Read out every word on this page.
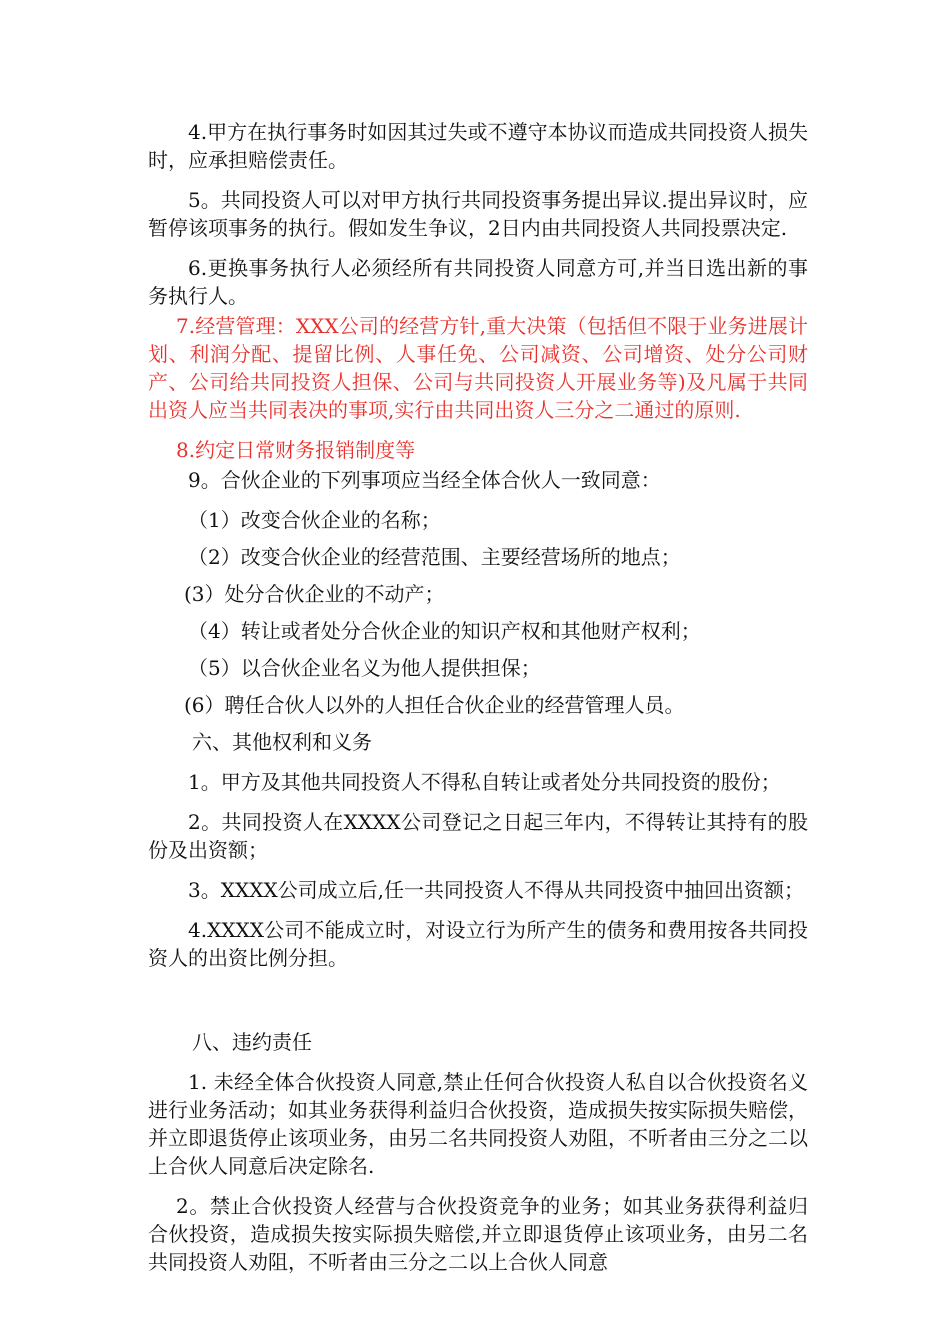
4.甲方在执行事务时如因其过失或不遵守本协议而造成共同投资人损失时，应承担赔偿责任。

5。共同投资人可以对甲方执行共同投资事务提出异议.提出异议时，应暂停该项事务的执行。假如发生争议，2日内由共同投资人共同投票决定.

6.更换事务执行人必须经所有共同投资人同意方可,并当日选出新的事务执行人。

7.经营管理：XXX公司的经营方针,重大决策（包括但不限于业务进展计划、利润分配、提留比例、人事任免、公司减资、公司增资、处分公司财产、公司给共同投资人担保、公司与共同投资人开展业务等)及凡属于共同出资人应当共同表决的事项,实行由共同出资人三分之二通过的原则.

8.约定日常财务报销制度等

9。合伙企业的下列事项应当经全体合伙人一致同意：

（1）改变合伙企业的名称；

（2）改变合伙企业的经营范围、主要经营场所的地点；

(3）处分合伙企业的不动产；

（4）转让或者处分合伙企业的知识产权和其他财产权利；

（5）以合伙企业名义为他人提供担保；

(6）聘任合伙人以外的人担任合伙企业的经营管理人员。

六、其他权利和义务

1。甲方及其他共同投资人不得私自转让或者处分共同投资的股份；

2。共同投资人在XXXX公司登记之日起三年内，不得转让其持有的股份及出资额；

3。XXXX公司成立后,任一共同投资人不得从共同投资中抽回出资额；

4.XXXX公司不能成立时，对设立行为所产生的债务和费用按各共同投资人的出资比例分担。

八、违约责任

1. 未经全体合伙投资人同意,禁止任何合伙投资人私自以合伙投资名义进行业务活动；如其业务获得利益归合伙投资，造成损失按实际损失赔偿，并立即退货停止该项业务，由另二名共同投资人劝阻，不听者由三分之二以上合伙人同意后决定除名.

2。禁止合伙投资人经营与合伙投资竞争的业务；如其业务获得利益归合伙投资，造成损失按实际损失赔偿,并立即退货停止该项业务，由另二名共同投资人劝阻，不听者由三分之二以上合伙人同意
